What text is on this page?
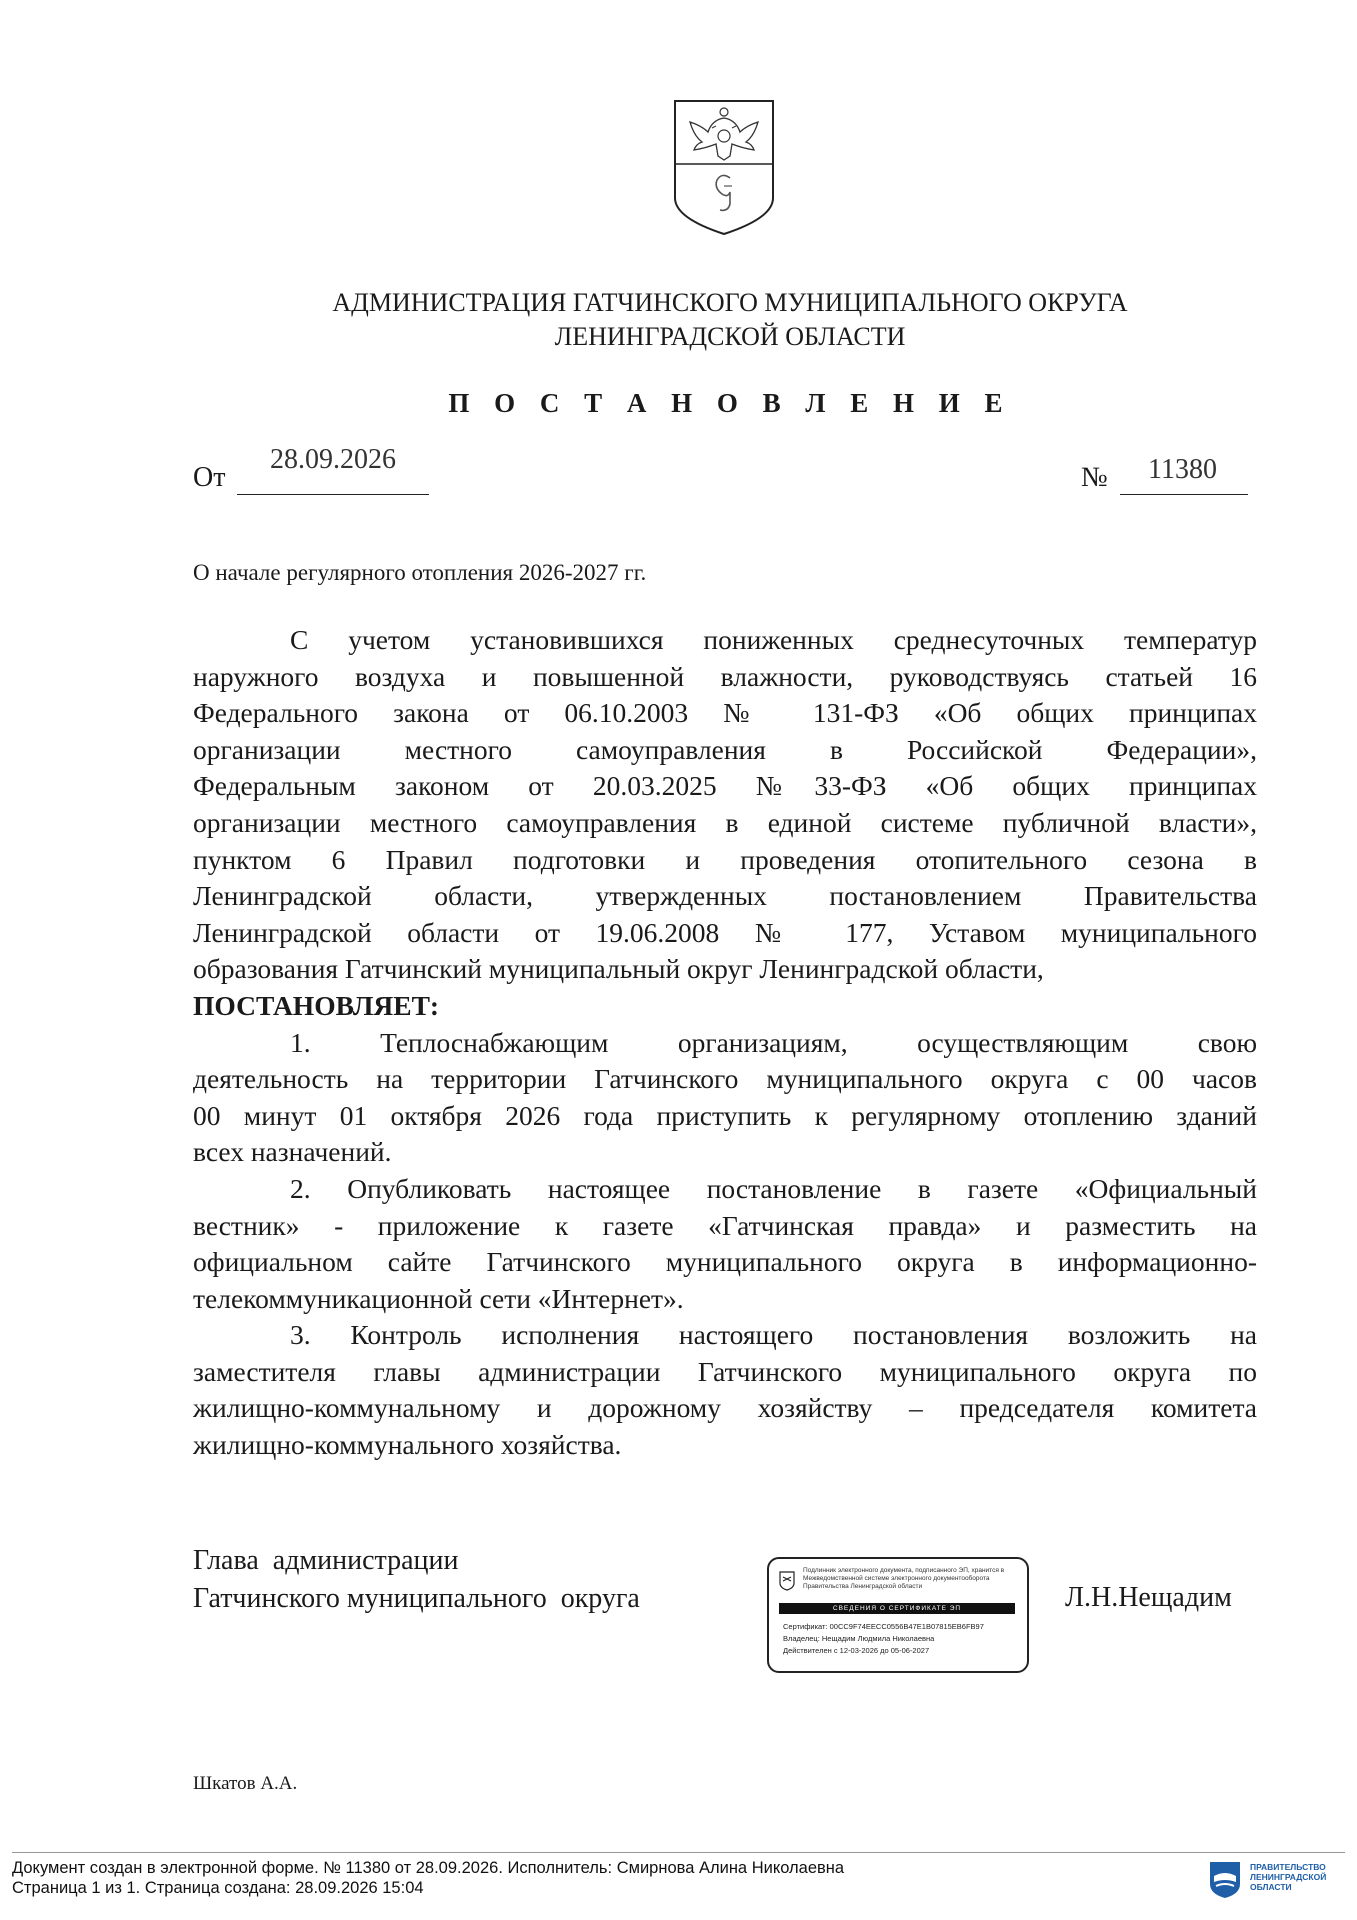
АДМИНИСТРАЦИЯ ГАТЧИНСКОГО МУНИЦИПАЛЬНОГО ОКРУГА
ЛЕНИНГРАДСКОЙ ОБЛАСТИ
П О С Т А Н О В Л Е Н И Е
От
28.09.2026
№ 11380
О начале регулярного отопления 2026-2027 гг.
С учетом установившихся пониженных среднесуточных температур
наружного воздуха и повышенной влажности, руководствуясь статьей 16
Федерального закона от 06.10.2003 № 131-ФЗ «Об общих принципах
организации местного самоуправления в Российской Федерации»,
Федеральным законом от 20.03.2025 №33-ФЗ «Об общих принципах
организации местного самоуправления в единой системе публичной власти»,
пунктом 6 Правил подготовки и проведения отопительного сезона в
Ленинградской области, утвержденных постановлением Правительства
Ленинградской области от 19.06.2008 № 177, Уставом муниципального
образования Гатчинский муниципальный округ Ленинградской области,
ПОСТАНОВЛЯЕТ:
1. Теплоснабжающим организациям, осуществляющим свою
деятельность на территории Гатчинского муниципального округа с 00 часов
00 минут 01 октября 2026 года приступить к регулярному отоплению зданий
всех назначений.
2. Опубликовать настоящее постановление в газете «Официальный
вестник» - приложение к газете «Гатчинская правда» и разместить на
официальном сайте Гатчинского муниципального округа в информационно-
телекоммуникационной сети «Интернет».
3. Контроль исполнения настоящего постановления возложить на
заместителя главы администрации Гатчинского муниципального округа по
жилищно-коммунальному и дорожному хозяйству – председателя комитета
жилищно-коммунального хозяйства.
Глава  администрации
Гатчинского муниципального  округа
Подлинник электронного документа, подписанного ЭП, хранится в Межведомственной системе электронного документооборота Правительства Ленинградской области
СВЕДЕНИЯ О СЕРТИФИКАТЕ ЭП
Сертификат: 00CC9F74EECC0556B47E1B07815EB6FB97
Владелец: Нещадим Людмила Николаевна
Действителен с 12-03-2026 до 05-06-2027
Л.Н.Нещадим
Шкатов А.А.
Документ создан в электронной форме. № 11380 от 28.09.2026. Исполнитель: Смирнова Алина Николаевна
Страница 1 из 1. Страница создана: 28.09.2026 15:04
ПРАВИТЕЛЬСТВО
ЛЕНИНГРАДСКОЙ
ОБЛАСТИ
